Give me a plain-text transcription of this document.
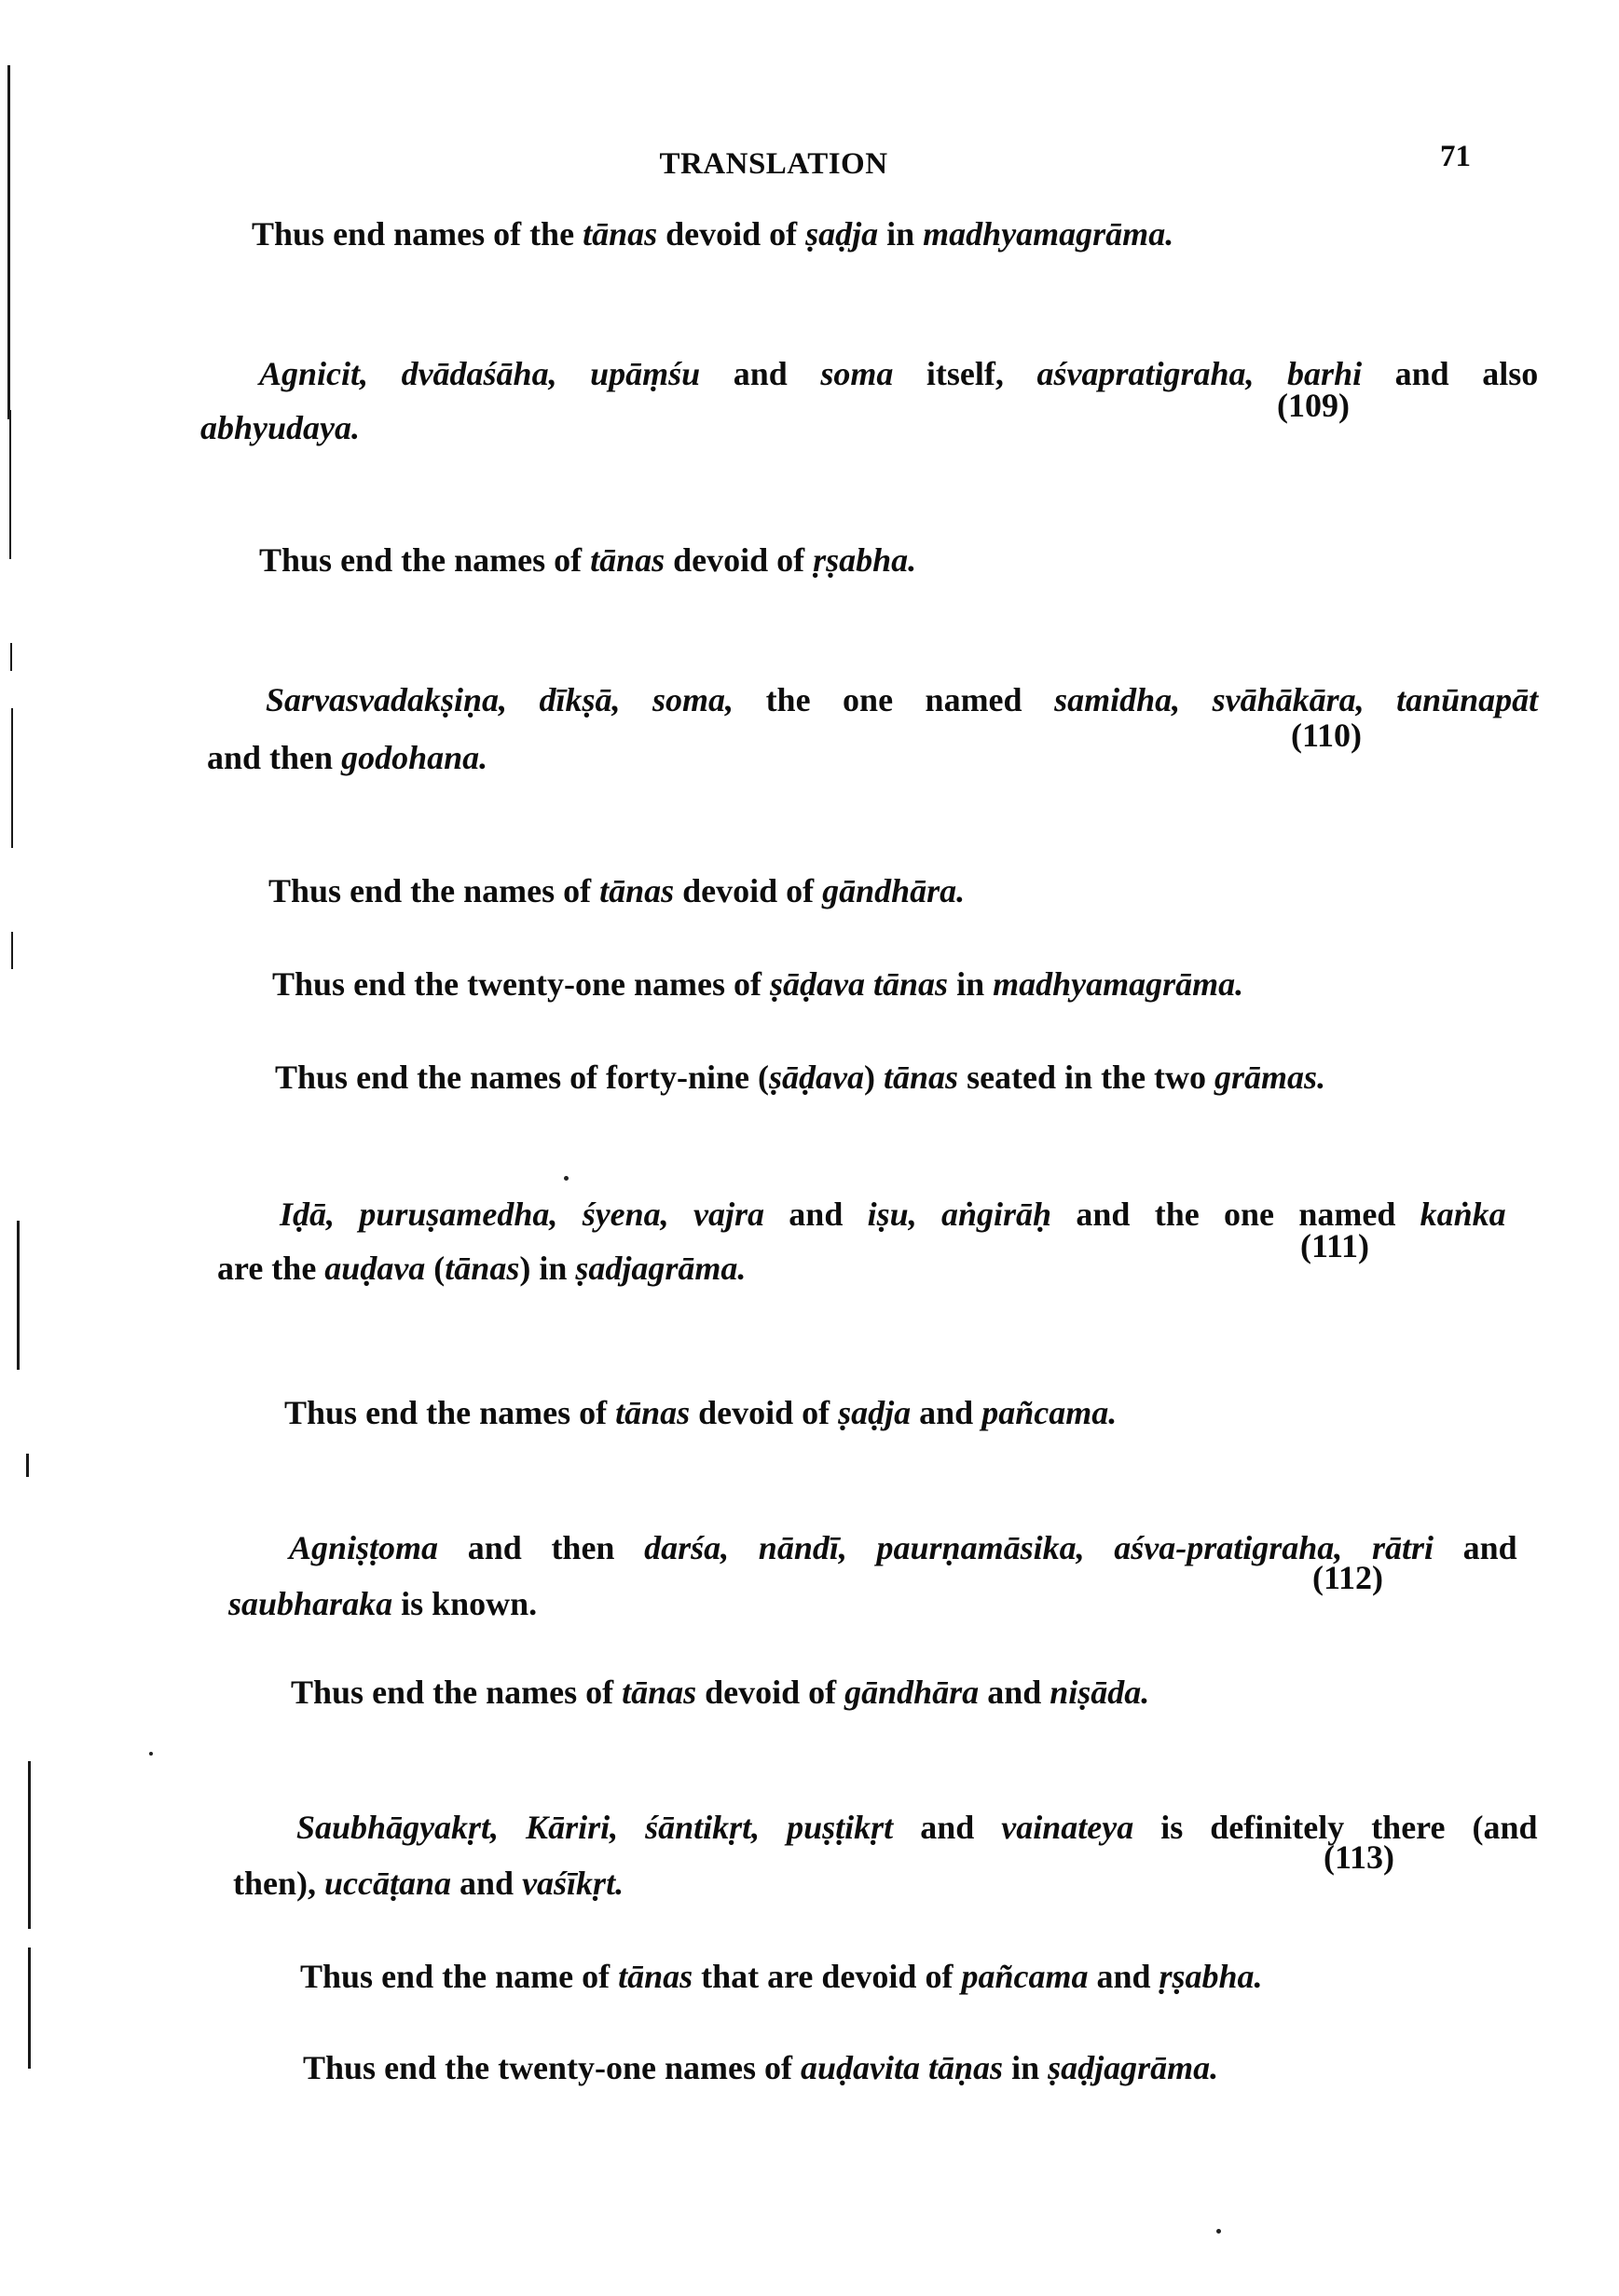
TRANSLATION	71
Thus end names of the tānas devoid of ṣaḍja in madhyamagrāma.
Agnicit, dvādaśāha, upāṃśu and soma itself, aśvapratigraha, barhi and also
abhyudaya.
(109)
Thus end the names of tānas devoid of ṛṣabha.
Sarvasvadakṣiṇa, dīkṣā, soma, the one named samidha, svāhākāra, tanūnapāt
and then godohana.
(110)
Thus end the names of tānas devoid of gāndhāra.
Thus end the twenty-one names of ṣāḍava tānas in madhyamagrāma.
Thus end the names of forty-nine (ṣāḍava) tānas seated in the two grāmas.
Iḍā, puruṣamedha, śyena, vajra and iṣu, aṅgirāḥ and the one named kaṅka
are the auḍava (tānas) in ṣadjagrāma.
(111)
Thus end the names of tānas devoid of ṣaḍja and pañcama.
Agniṣṭoma and then darśa, nāndī, paurṇamāsika, aśva-pratigraha, rātri and
saubharaka is known.
(112)
Thus end the names of tānas devoid of gāndhāra and niṣāda.
Saubhāgyakṛt, Kāriri, śāntikṛt, puṣṭikṛt and vainateya is definitely there (and
then), uccāṭana and vaśīkṛt.
(113)
Thus end the name of tānas that are devoid of pañcama and ṛṣabha.
Thus end the twenty-one names of auḍavita tāṇas in ṣaḍjagrāma.
